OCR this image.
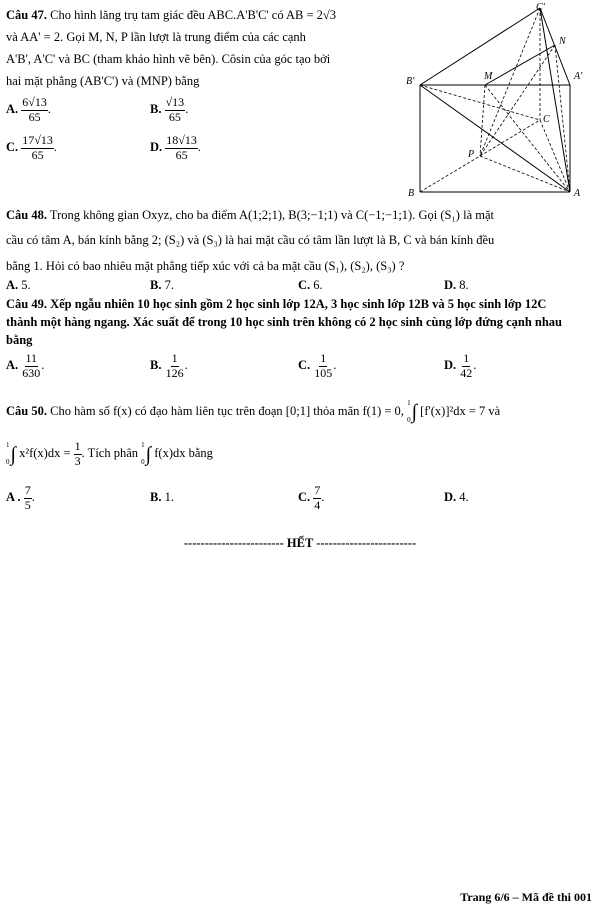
Câu 47. Cho hình lăng trụ tam giác đều ABC.A'B'C' có AB = 2√3
và AA' = 2. Gọi M, N, P lần lượt là trung điểm của các cạnh
A'B', A'C' và BC (tham khảo hình vẽ bên). Côsin của góc tạo bởi
hai mặt phẳng (AB'C') và (MNP) bằng
A. $\frac{6√13}{65}$ .	B. $\frac{√13}{65}$ .
C. $\frac{17√13}{65}$ .	D. $\frac{18√13}{65}$ .
C'
N
B'	M	A'
C
P
B	A
Câu 48. Trong không gian Oxyz, cho ba điểm A(1;2;1), B(3;−1;1) và C(−1;−1;1). Gọi (S₁) là mặt
cầu có tâm A, bán kính bằng 2; (S₂) và (S₃) là hai mặt cầu có tâm lần lượt là B, C và bán kính đều
bằng 1. Hỏi có bao nhiêu mặt phẳng tiếp xúc với cả ba mặt cầu (S₁), (S₂), (S₃) ?
A. 5.	B. 7.	C. 6.	D. 8.
Câu 49. Xếp ngẫu nhiên 10 học sinh gồm 2 học sinh lớp 12A, 3 học sinh lớp 12B và 5 học sinh lớp 12C
thành một hàng ngang. Xác suất để trong 10 học sinh trên không có 2 học sinh cùng lớp đứng cạnh nhau
bằng
A. $\frac{11}{630}$ .	B. $\frac{1}{126}$ .	C. $\frac{1}{105}$ .	D. $\frac{1}{42}$ .
Câu 50. Cho hàm số f(x) có đạo hàm liên tục trên đoạn [0;1] thỏa mãn f(1) = 0,
1
0 ∫ [f'(x)]²dx = 7 và
1
0 ∫ $x^2f(x)dx = \frac{1}{3}$ . Tích phân
1
0 ∫ f(x)dx bằng
A . $\frac{7}{5}$ .	B. 1.	C. $\frac{7}{4}$ .	D. 4.
------------------------ HẾT ------------------------
Trang 6/6 – Mã đề thi 001
